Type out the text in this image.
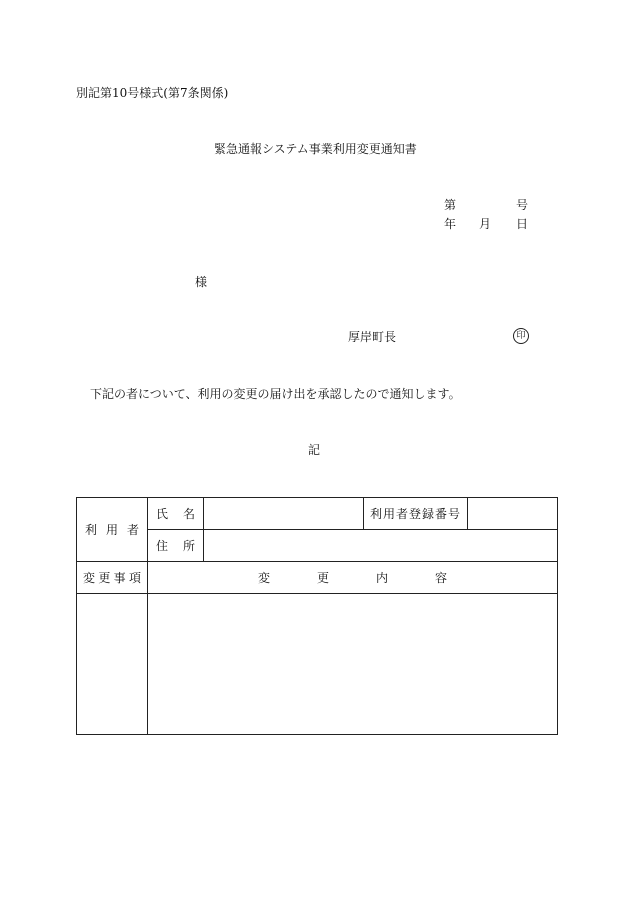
別記第10号様式(第7条関係)
緊急通報システム事業利用変更通知書
第	号
年 月 日
様
厚岸町長	印
下記の者について、利用の変更の届け出を承認したので通知します。
記
利 用 者	氏 名		利用者登録番号	

	住 所			

変 更 事 項	変 更 内 容			
